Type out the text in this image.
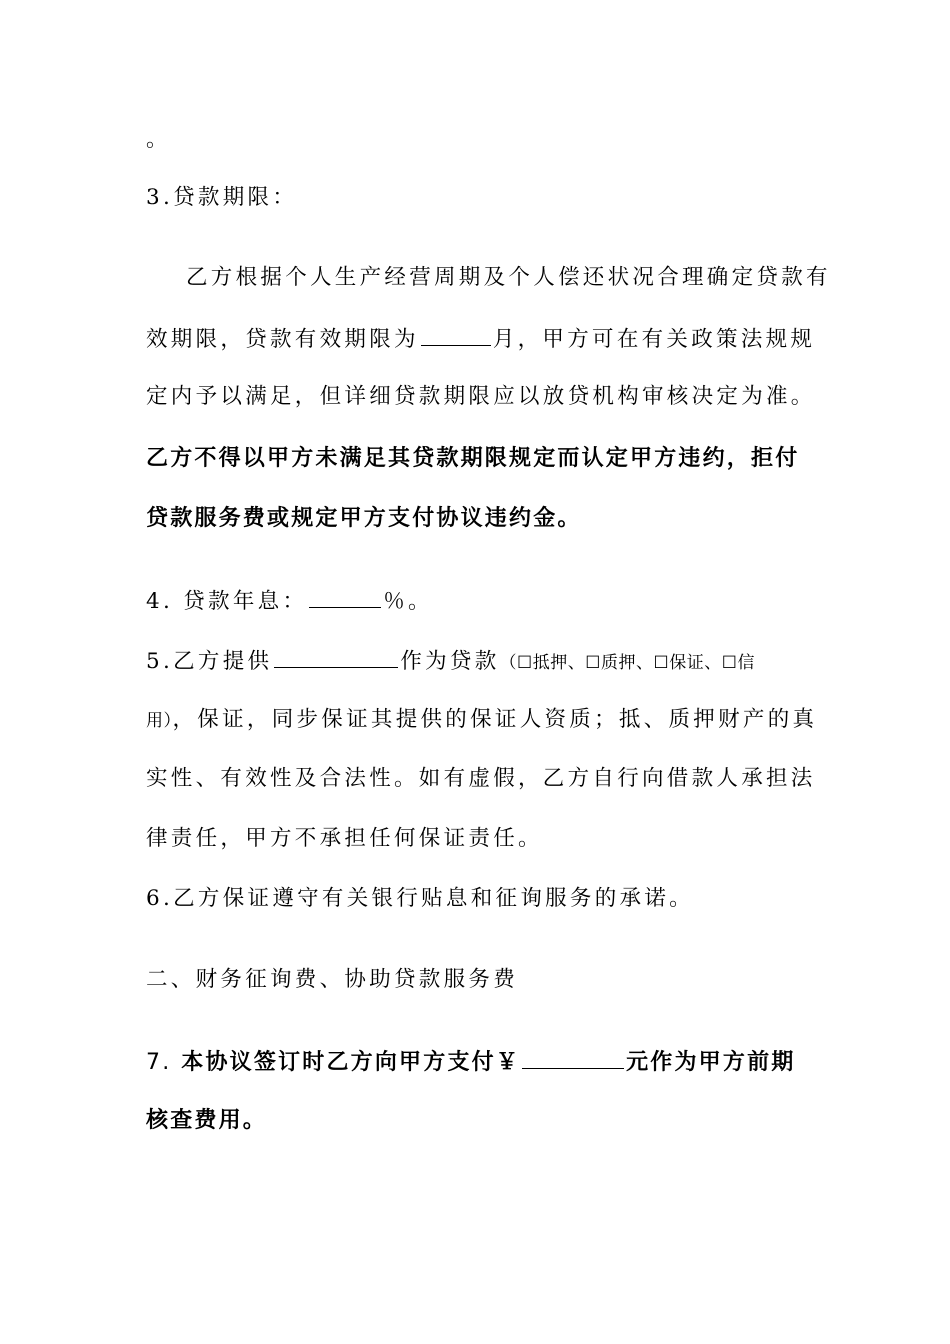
。

3.贷款期限：

乙方根据个人生产经营周期及个人偿还状况合理确定贷款有

效期限，贷款有效期限为	月，甲方可在有关政策法规规

定内予以满足，但详细贷款期限应以放贷机构审核决定为准。

乙方不得以甲方未满足其贷款期限规定而认定甲方违约，拒付

贷款服务费或规定甲方支付协议违约金。

4. 贷款年息：	％。

5.乙方提供	作为贷款（☐抵押、☐质押、☐保证、☐信

用），保证，同步保证其提供的保证人资质；抵、质押财产的真

实性、有效性及合法性。如有虚假，乙方自行向借款人承担法

律责任，甲方不承担任何保证责任。

6.乙方保证遵守有关银行贴息和征询服务的承诺。

二、财务征询费、协助贷款服务费

7. 本协议签订时乙方向甲方支付￥	元作为甲方前期

核查费用。
